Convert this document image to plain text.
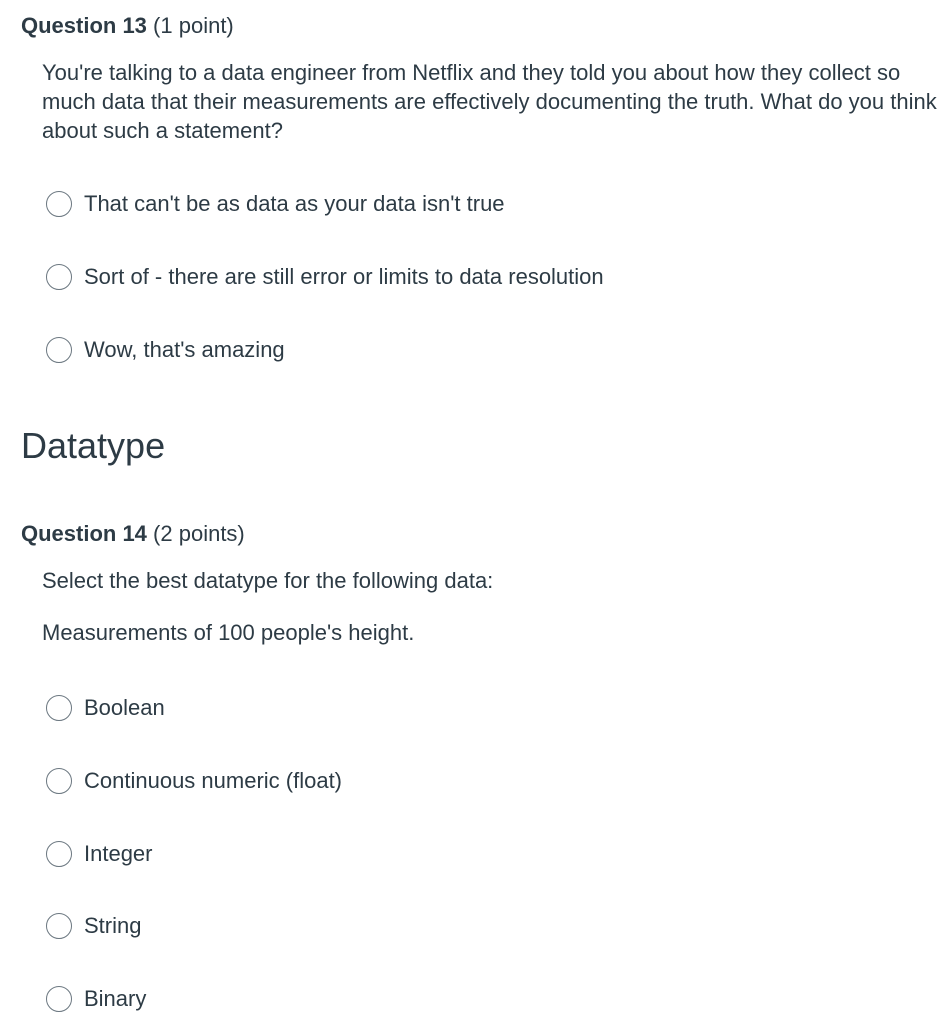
Question 13 (1 point)
You're talking to a data engineer from Netflix and they told you about how they collect so much data that their measurements are effectively documenting the truth. What do you think about such a statement?
That can't be as data as your data isn't true
Sort of - there are still error or limits to data resolution
Wow, that's amazing
Datatype
Question 14 (2 points)
Select the best datatype for the following data:
Measurements of 100 people's height.
Boolean
Continuous numeric (float)
Integer
String
Binary
